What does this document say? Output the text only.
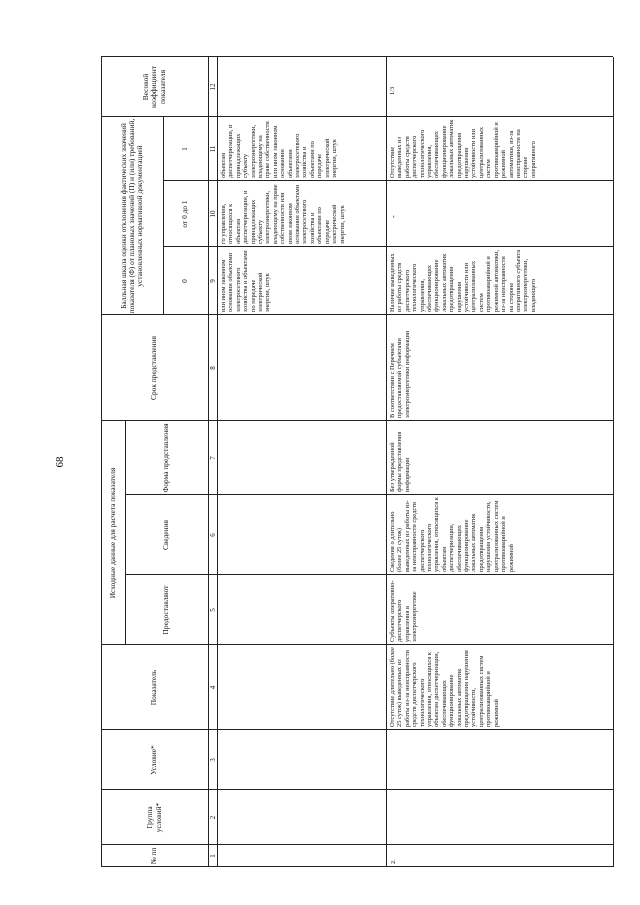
68
№ пп
Группа условий*
Условие*
Показатель
Исходные данные для расчета показателя
Предоставляют
Сведения
Форма представления
Срок представления
Балльная шкала оценки отклонения фактических значений показателя (Ф) от плановых значений (П) и (или) требований, установленных нормативной документацией	0
от 0 до 1
1
Весовой коэффициент показателя
1
2
3
4
5
6
7
8
9
10
11
12
или ином законном основании объектами электросетевого хозяйства и объектами по передаче электрической энергии, штук
го управления, относящихся к объектам диспетчеризации, и принадлежащих субъекту электроэнергетики, владеющему на праве собственности или ином законном основании объектами электросетевого хозяйства и объектами по передаче электрической энергии, штук
объектам диспетчеризации, и принадлежащих субъекту электроэнергетики, владеющему на праве собственности или ином законном основании объектами электросетевого хозяйства и объектами по передаче электрической энергии, штук
2.
Отсутствие длительно (более 25 суток) выведенных из работы из-за неисправности средств диспетчерского технологического управления, относящихся к объектам диспетчеризации, обеспечивающих функционирование локальных автоматик предотвращения нарушения устойчивости, централизованных систем противоаварийной и режимной
Субъекты оперативно-диспетчерского управления в электроэнергетике
Сведения о длительно (более 25 суток) выведенных из работы из-за неисправности средств диспетчерского технологического управления, относящихся к объектам диспетчеризации, обеспечивающих функционирование локальных автоматик предотвращения нарушения устойчивости, централизованных систем противоаварийной и режимной
Без утвержденной формы представления информации
В соответствии с Перечнем предоставляемой субъектами электроэнергетики информации
Наличие выведенных из работы средств диспетчерского технологического управления, обеспечивающих функционирование локальных автоматик предотвращения нарушения устойчивости или централизованных систем противоаварийной и режимной автоматики, из-за неисправности на стороне оперативного субъекта электроэнергетики, владеющего
-
Отсутствие выведенных из работы средств диспетчерского технологического управления, обеспечивающих функционирование локальных автоматик предотвращения нарушения устойчивости или централизованных систем противоаварийной и режимной автоматики, из-за неисправности на стороне оперативного
1/3
